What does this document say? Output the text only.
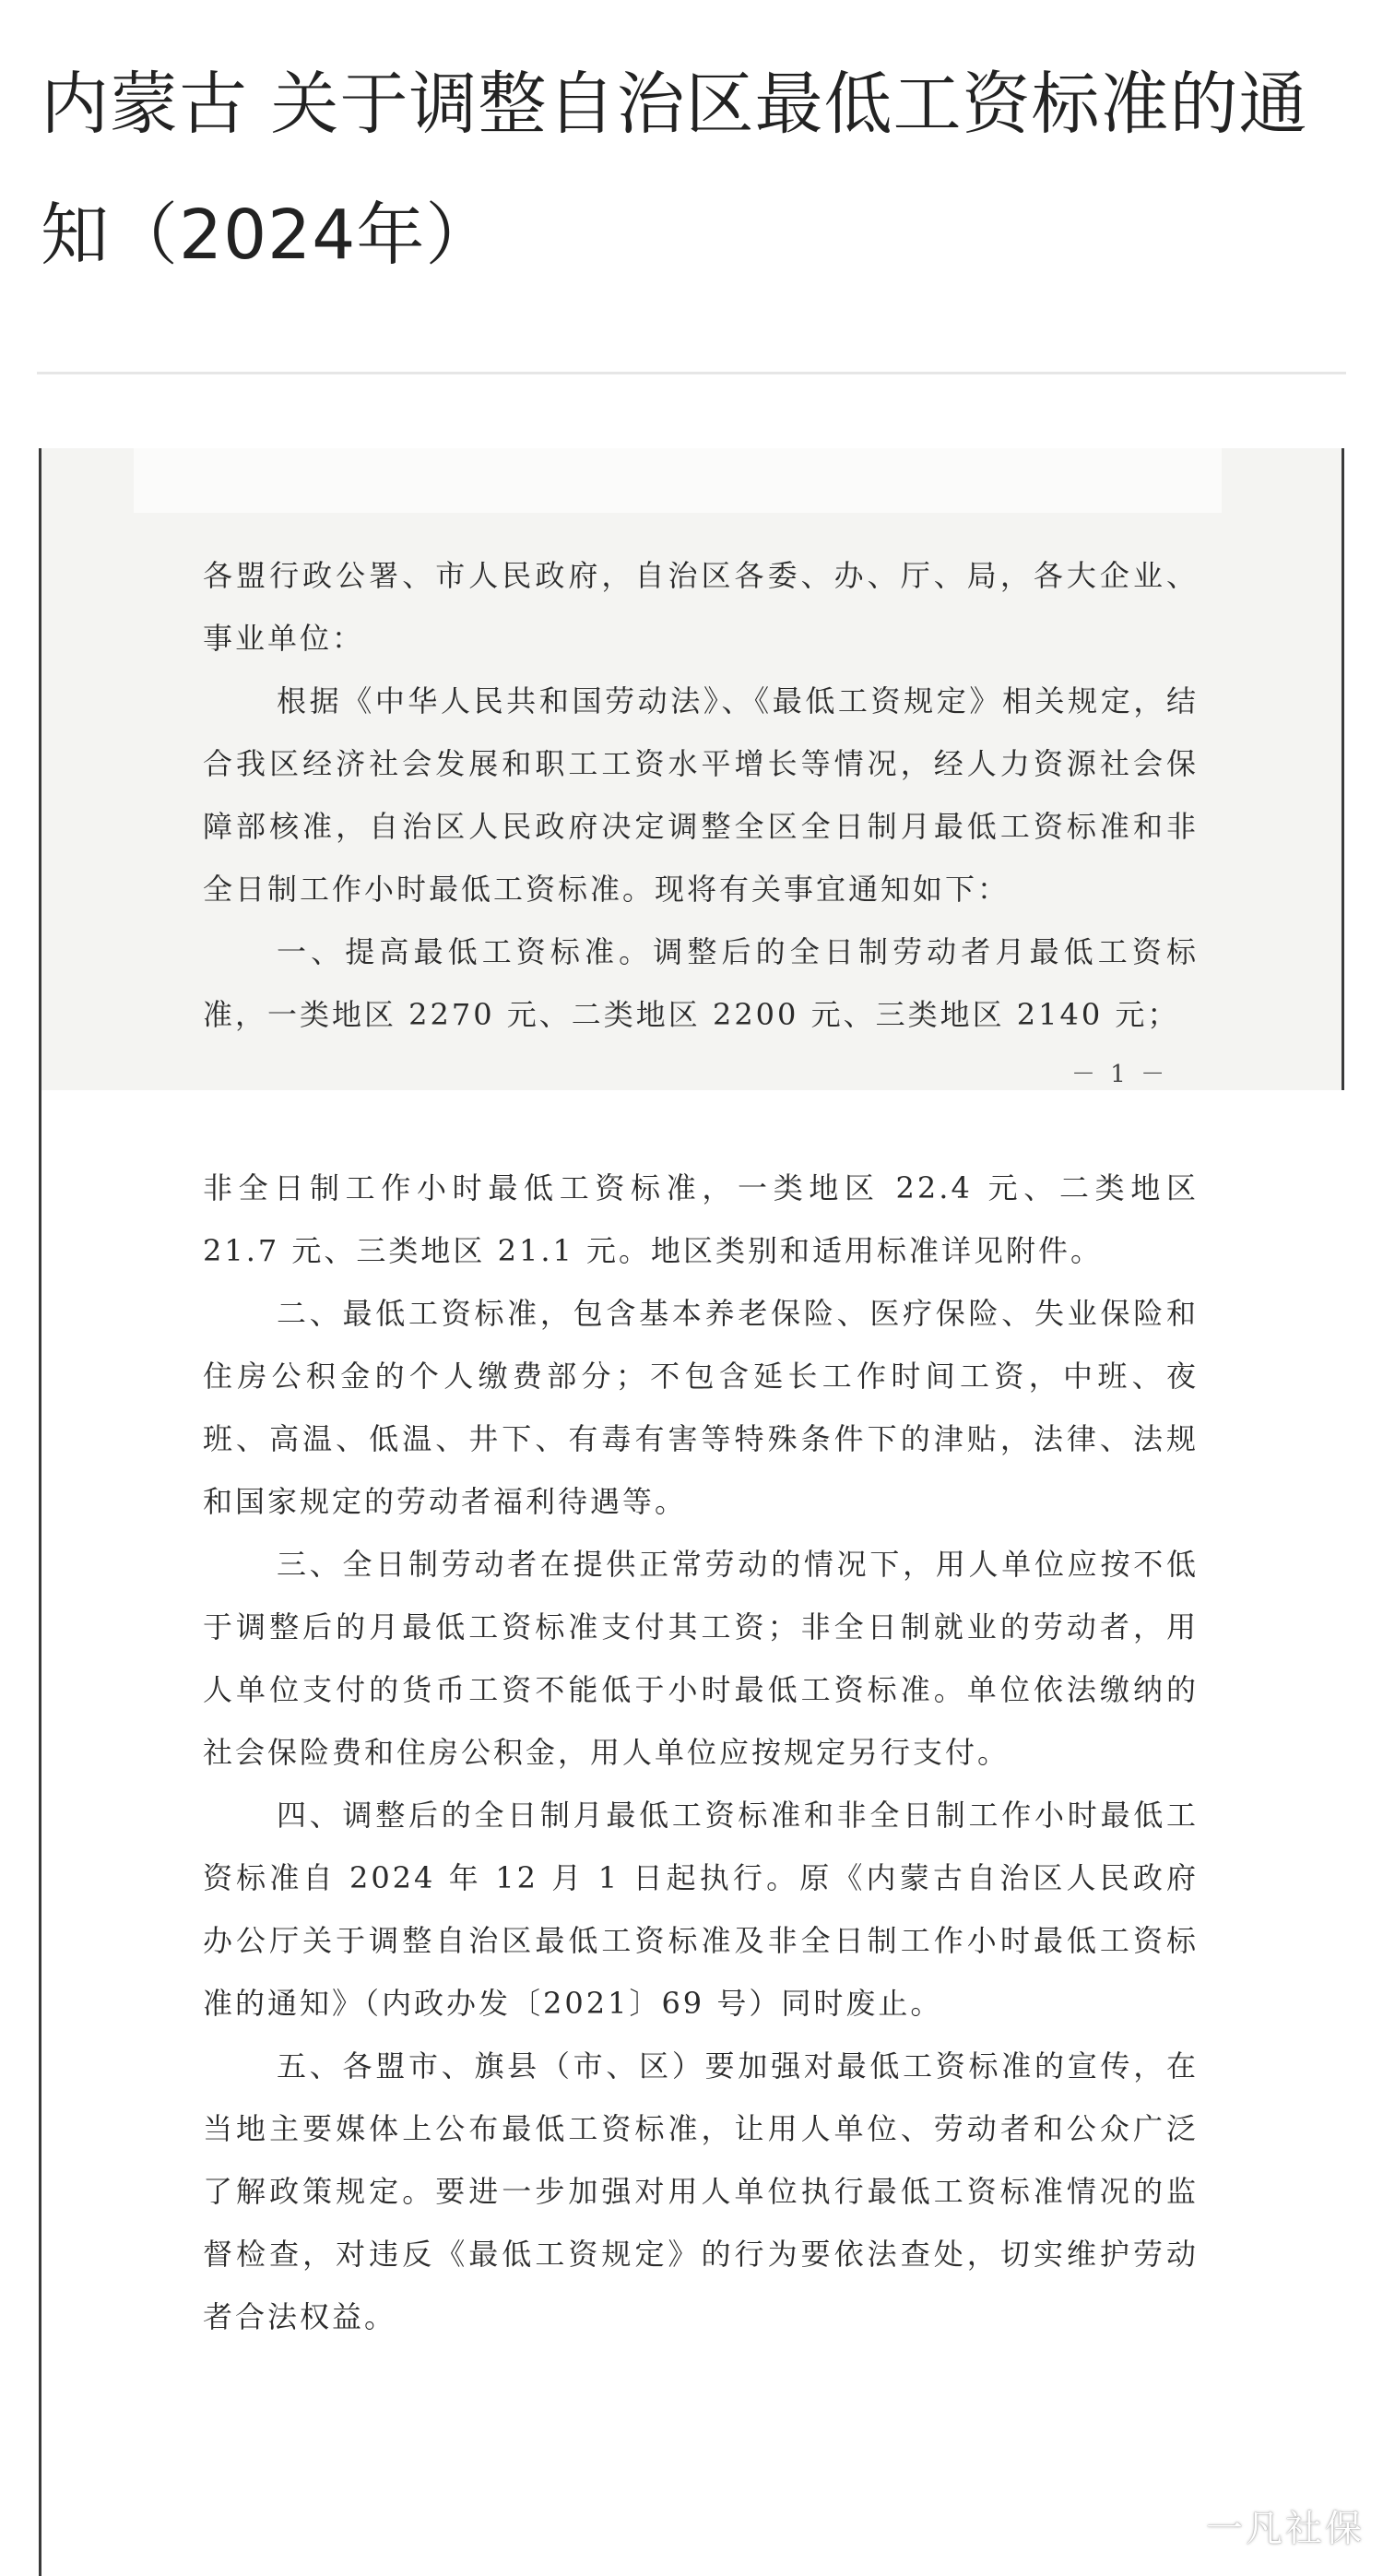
内蒙古 关于调整自治区最低工资标准的通知（2024年）

各盟行政公署、市人民政府，自治区各委、办、厅、局，各大企业、事业单位：

根据《中华人民共和国劳动法》、《最低工资规定》相关规定，结合我区经济社会发展和职工工资水平增长等情况，经人力资源社会保障部核准，自治区人民政府决定调整全区全日制月最低工资标准和非全日制工作小时最低工资标准。现将有关事宜通知如下：

一、提高最低工资标准。调整后的全日制劳动者月最低工资标准，一类地区 2270 元、二类地区 2200 元、三类地区 2140 元；

－ 1 －

非全日制工作小时最低工资标准，一类地区 22.4 元、二类地区 21.7 元、三类地区 21.1 元。地区类别和适用标准详见附件。

二、最低工资标准，包含基本养老保险、医疗保险、失业保险和住房公积金的个人缴费部分；不包含延长工作时间工资，中班、夜班、高温、低温、井下、有毒有害等特殊条件下的津贴，法律、法规和国家规定的劳动者福利待遇等。

三、全日制劳动者在提供正常劳动的情况下，用人单位应按不低于调整后的月最低工资标准支付其工资；非全日制就业的劳动者，用人单位支付的货币工资不能低于小时最低工资标准。单位依法缴纳的社会保险费和住房公积金，用人单位应按规定另行支付。

四、调整后的全日制月最低工资标准和非全日制工作小时最低工资标准自 2024 年 12 月 1 日起执行。原《内蒙古自治区人民政府办公厅关于调整自治区最低工资标准及非全日制工作小时最低工资标准的通知》（内政办发〔2021〕69 号）同时废止。

五、各盟市、旗县（市、区）要加强对最低工资标准的宣传，在当地主要媒体上公布最低工资标准，让用人单位、劳动者和公众广泛了解政策规定。要进一步加强对用人单位执行最低工资标准情况的监督检查，对违反《最低工资规定》的行为要依法查处，切实维护劳动者合法权益。

一凡社保
